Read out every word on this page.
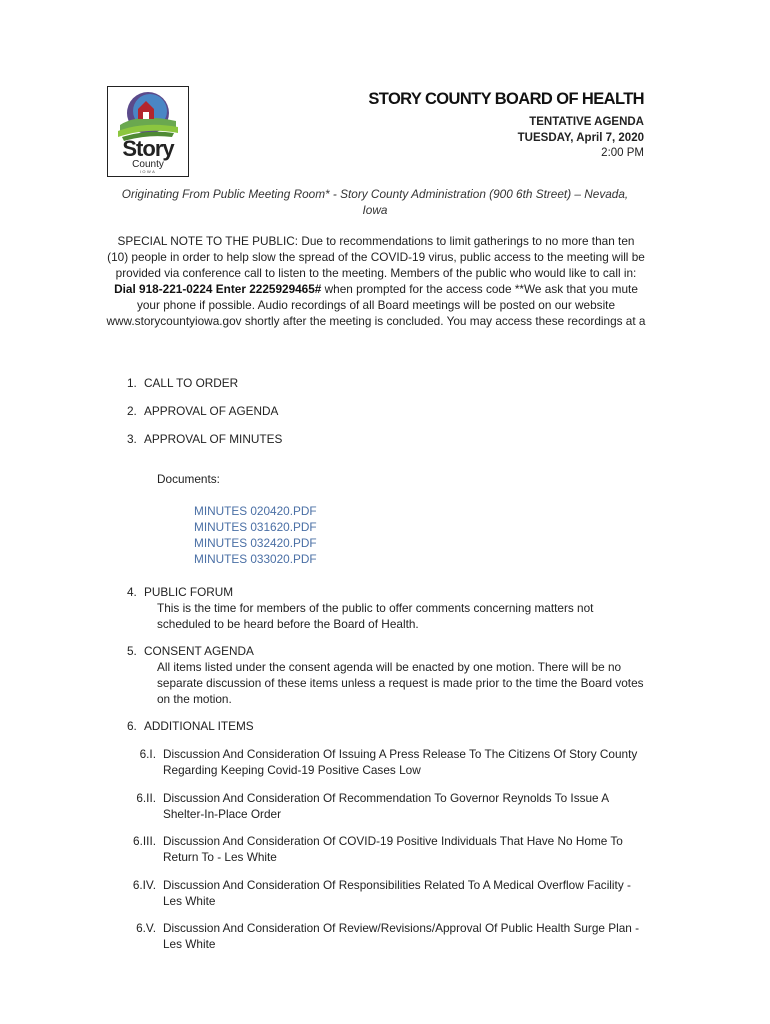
Story
County
IOWA
STORY COUNTY BOARD OF HEALTH
TENTATIVE AGENDA
TUESDAY, April 7, 2020
2:00 PM
Originating From Public Meeting Room* - Story County Administration (900 6th Street) – Nevada, Iowa
SPECIAL NOTE TO THE PUBLIC: Due to recommendations to limit gatherings to no more than ten (10) people in order to help slow the spread of the COVID-19 virus, public access to the meeting will be provided via conference call to listen to the meeting. Members of the public who would like to call in: Dial 918-221-0224 Enter 2225929465# when prompted for the access code **We ask that you mute your phone if possible. Audio recordings of all Board meetings will be posted on our website www.storycountyiowa.gov shortly after the meeting is concluded. You may access these recordings at a
1. CALL TO ORDER
2. APPROVAL OF AGENDA
3. APPROVAL OF MINUTES
Documents:
MINUTES 020420.PDF
MINUTES 031620.PDF
MINUTES 032420.PDF
MINUTES 033020.PDF
4. PUBLIC FORUM
This is the time for members of the public to offer comments concerning matters not scheduled to be heard before the Board of Health.
5. CONSENT AGENDA
All items listed under the consent agenda will be enacted by one motion. There will be no separate discussion of these items unless a request is made prior to the time the Board votes on the motion.
6. ADDITIONAL ITEMS
6.I. Discussion And Consideration Of Issuing A Press Release To The Citizens Of Story County Regarding Keeping Covid-19 Positive Cases Low
6.II. Discussion And Consideration Of Recommendation To Governor Reynolds To Issue A Shelter-In-Place Order
6.III. Discussion And Consideration Of COVID-19 Positive Individuals That Have No Home To Return To - Les White
6.IV. Discussion And Consideration Of Responsibilities Related To A Medical Overflow Facility - Les White
6.V. Discussion And Consideration Of Review/Revisions/Approval Of Public Health Surge Plan - Les White
